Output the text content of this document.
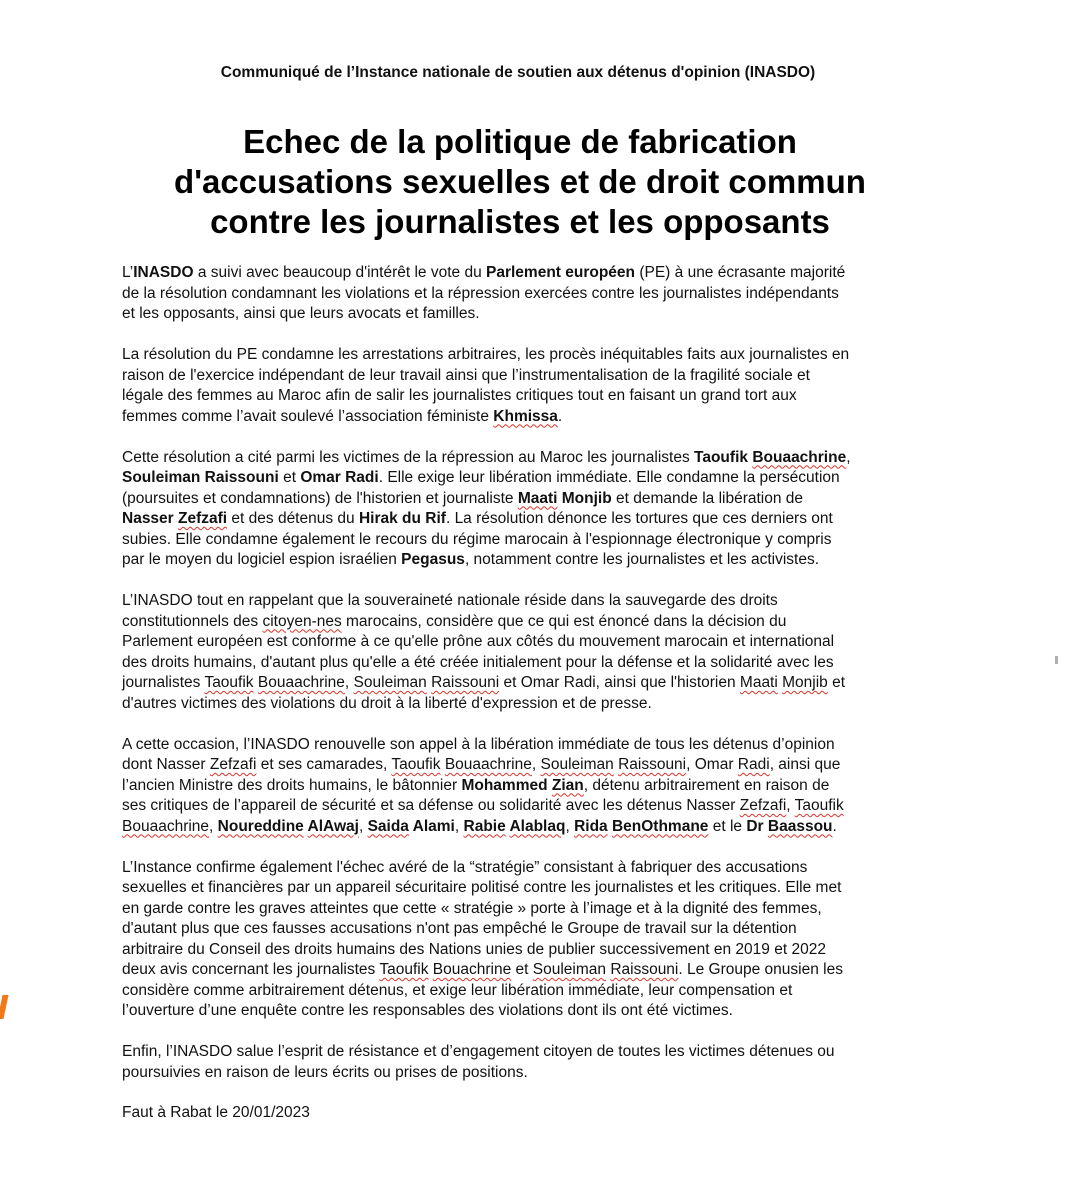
Communiqué de l’Instance nationale de soutien aux détenus d'opinion (INASDO)

Echec de la politique de fabrication
d'accusations sexuelles et de droit commun
contre les journalistes et les opposants

L’INASDO a suivi avec beaucoup d'intérêt le vote du Parlement européen (PE) à une écrasante majorité
de la résolution condamnant les violations et la répression exercées contre les journalistes indépendants
et les opposants, ainsi que leurs avocats et familles.

La résolution du PE condamne les arrestations arbitraires, les procès inéquitables faits aux journalistes en
raison de l'exercice indépendant de leur travail ainsi que l’instrumentalisation de la fragilité sociale et
légale des femmes au Maroc afin de salir les journalistes critiques tout en faisant un grand tort aux
femmes comme l’avait soulevé l’association féministe Khmissa.

Cette résolution a cité parmi les victimes de la répression au Maroc les journalistes Taoufik Bouaachrine,
Souleiman Raissouni et Omar Radi. Elle exige leur libération immédiate. Elle condamne la persécution
(poursuites et condamnations) de l'historien et journaliste Maati Monjib et demande la libération de
Nasser Zefzafi et des détenus du Hirak du Rif. La résolution dénonce les tortures que ces derniers ont
subies. Elle condamne également le recours du régime marocain à l'espionnage électronique y compris
par le moyen du logiciel espion israélien Pegasus, notamment contre les journalistes et les activistes.

L’INASDO tout en rappelant que la souveraineté nationale réside dans la sauvegarde des droits
constitutionnels des citoyen-nes marocains, considère que ce qui est énoncé dans la décision du
Parlement européen est conforme à ce qu'elle prône aux côtés du mouvement marocain et international
des droits humains, d'autant plus qu'elle a été créée initialement pour la défense et la solidarité avec les
journalistes Taoufik Bouaachrine, Souleiman Raissouni et Omar Radi, ainsi que l'historien Maati Monjib et
d'autres victimes des violations du droit à la liberté d'expression et de presse.

A cette occasion, l’INASDO renouvelle son appel à la libération immédiate de tous les détenus d’opinion
dont Nasser Zefzafi et ses camarades, Taoufik Bouaachrine, Souleiman Raissouni, Omar Radi, ainsi que
l’ancien Ministre des droits humains, le bâtonnier Mohammed Zian, détenu arbitrairement en raison de
ses critiques de l’appareil de sécurité et sa défense ou solidarité avec les détenus Nasser Zefzafi, Taoufik
Bouaachrine, Noureddine AlAwaj, Saida Alami, Rabie Alablaq, Rida BenOthmane et le Dr Baassou.

L’Instance confirme également l'échec avéré de la “stratégie” consistant à fabriquer des accusations
sexuelles et financières par un appareil sécuritaire politisé contre les journalistes et les critiques. Elle met
en garde contre les graves atteintes que cette « stratégie » porte à l’image et à la dignité des femmes,
d'autant plus que ces fausses accusations n'ont pas empêché le Groupe de travail sur la détention
arbitraire du Conseil des droits humains des Nations unies de publier successivement en 2019 et 2022
deux avis concernant les journalistes Taoufik Bouachrine et Souleiman Raissouni. Le Groupe onusien les
considère comme arbitrairement détenus, et exige leur libération immédiate, leur compensation et
l’ouverture d’une enquête contre les responsables des violations dont ils ont été victimes.

Enfin, l’INASDO salue l’esprit de résistance et d’engagement citoyen de toutes les victimes détenues ou
poursuivies en raison de leurs écrits ou prises de positions.

Faut à Rabat le 20/01/2023
